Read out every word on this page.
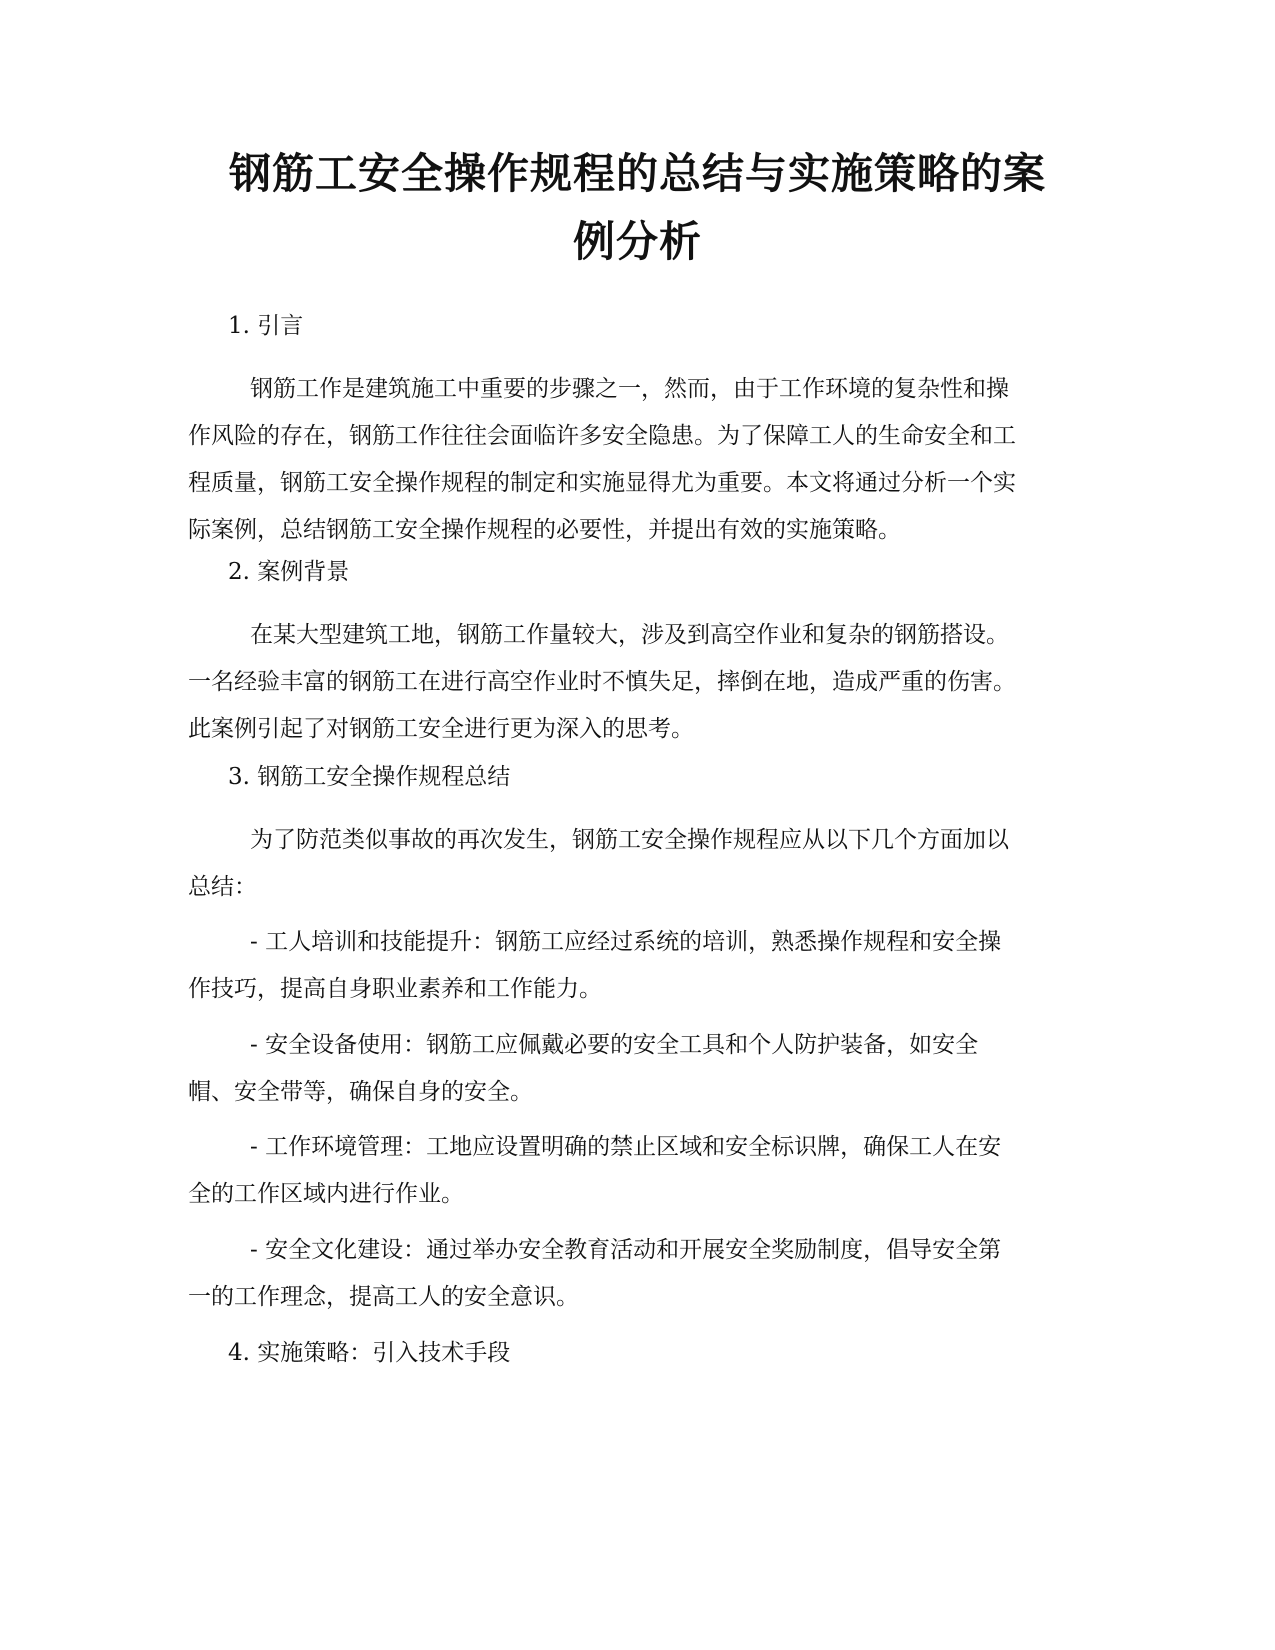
钢筋工安全操作规程的总结与实施策略的案
例分析
1. 引言
钢筋工作是建筑施工中重要的步骤之一，然而，由于工作环境的复杂性和操
作风险的存在，钢筋工作往往会面临许多安全隐患。为了保障工人的生命安全和工
程质量，钢筋工安全操作规程的制定和实施显得尤为重要。本文将通过分析一个实
际案例，总结钢筋工安全操作规程的必要性，并提出有效的实施策略。
2. 案例背景
在某大型建筑工地，钢筋工作量较大，涉及到高空作业和复杂的钢筋搭设。
一名经验丰富的钢筋工在进行高空作业时不慎失足，摔倒在地，造成严重的伤害。
此案例引起了对钢筋工安全进行更为深入的思考。
3. 钢筋工安全操作规程总结
为了防范类似事故的再次发生，钢筋工安全操作规程应从以下几个方面加以
总结：
- 工人培训和技能提升：钢筋工应经过系统的培训，熟悉操作规程和安全操
作技巧，提高自身职业素养和工作能力。
- 安全设备使用：钢筋工应佩戴必要的安全工具和个人防护装备，如安全
帽、安全带等，确保自身的安全。
- 工作环境管理：工地应设置明确的禁止区域和安全标识牌，确保工人在安
全的工作区域内进行作业。
- 安全文化建设：通过举办安全教育活动和开展安全奖励制度，倡导安全第
一的工作理念，提高工人的安全意识。
4. 实施策略：引入技术手段
